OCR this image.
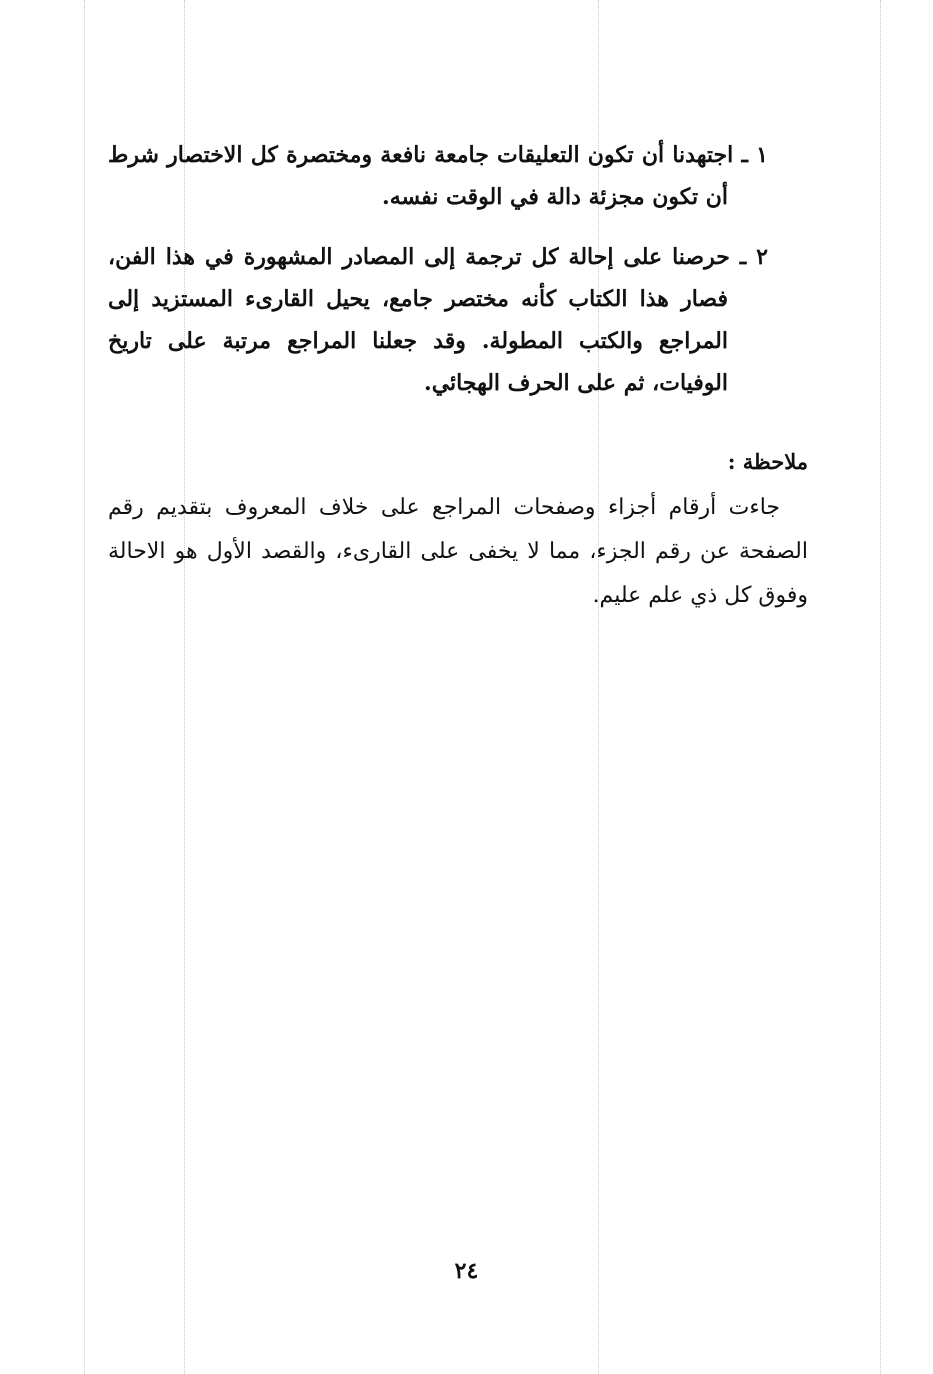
١ ـ اجتهدنا أن تكون التعليقات جامعة نافعة ومختصرة كل الاختصار شرط أن تكون مجزئة دالة في الوقت نفسه.
٢ ـ حرصنا على إحالة كل ترجمة إلى المصادر المشهورة في هذا الفن، فصار هذا الكتاب كأنه مختصر جامع، يحيل القارىء المستزيد إلى المراجع والكتب المطولة. وقد جعلنا المراجع مرتبة على تاريخ الوفيات، ثم على الحرف الهجائي.
ملاحظة :
جاءت أرقام أجزاء وصفحات المراجع على خلاف المعروف بتقديم رقم الصفحة عن رقم الجزء، مما لا يخفى على القارىء، والقصد الأول هو الاحالة وفوق كل ذي علم عليم.
٢٤
